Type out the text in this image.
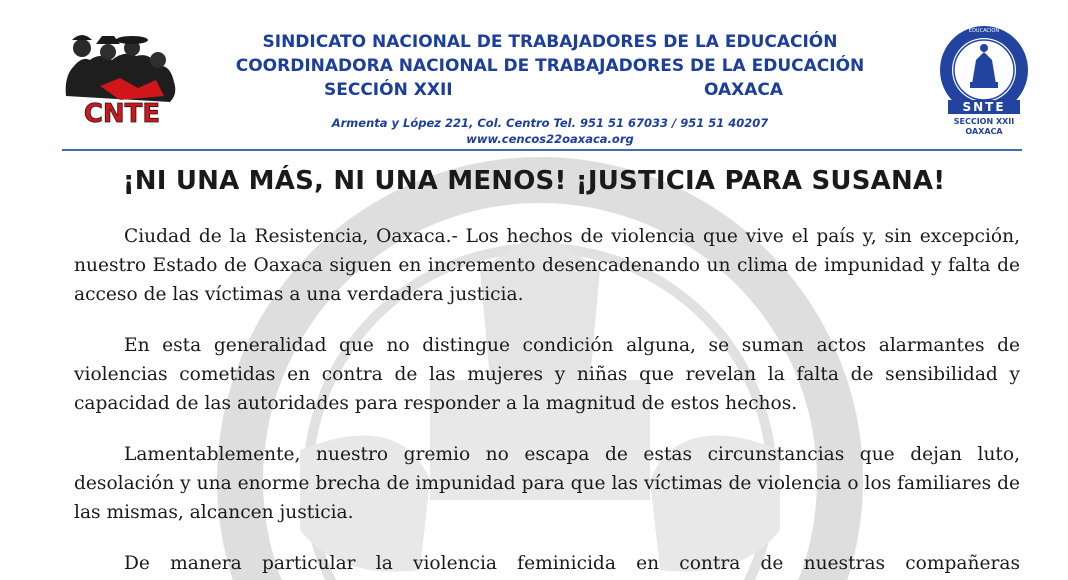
CNTE
EDUCACION
SNTE
SECCION XXII
OAXACA
SINDICATO NACIONAL DE TRABAJADORES DE LA EDUCACIÓN
COORDINADORA NACIONAL DE TRABAJADORES DE LA EDUCACIÓN
SECCIÓN XXII	OAXACA
Armenta y López 221, Col. Centro Tel. 951 51 67033 / 951 51 40207
www.cencos22oaxaca.org
¡NI UNA MÁS, NI UNA MENOS! ¡JUSTICIA PARA SUSANA!

Ciudad de la Resistencia, Oaxaca.- Los hechos de violencia que vive el país y, sin excepción, nuestro Estado de Oaxaca siguen en incremento desencadenando un clima de impunidad y falta de acceso de las víctimas a una verdadera justicia.

En esta generalidad que no distingue condición alguna, se suman actos alarmantes de violencias cometidas en contra de las mujeres y niñas que revelan la falta de sensibilidad y capacidad de las autoridades para responder a la magnitud de estos hechos.

Lamentablemente, nuestro gremio no escapa de estas circunstancias que dejan luto, desolación y una enorme brecha de impunidad para que las víctimas de violencia o los familiares de las mismas, alcancen justicia.

De manera particular la violencia feminicida en contra de nuestras compañeras
